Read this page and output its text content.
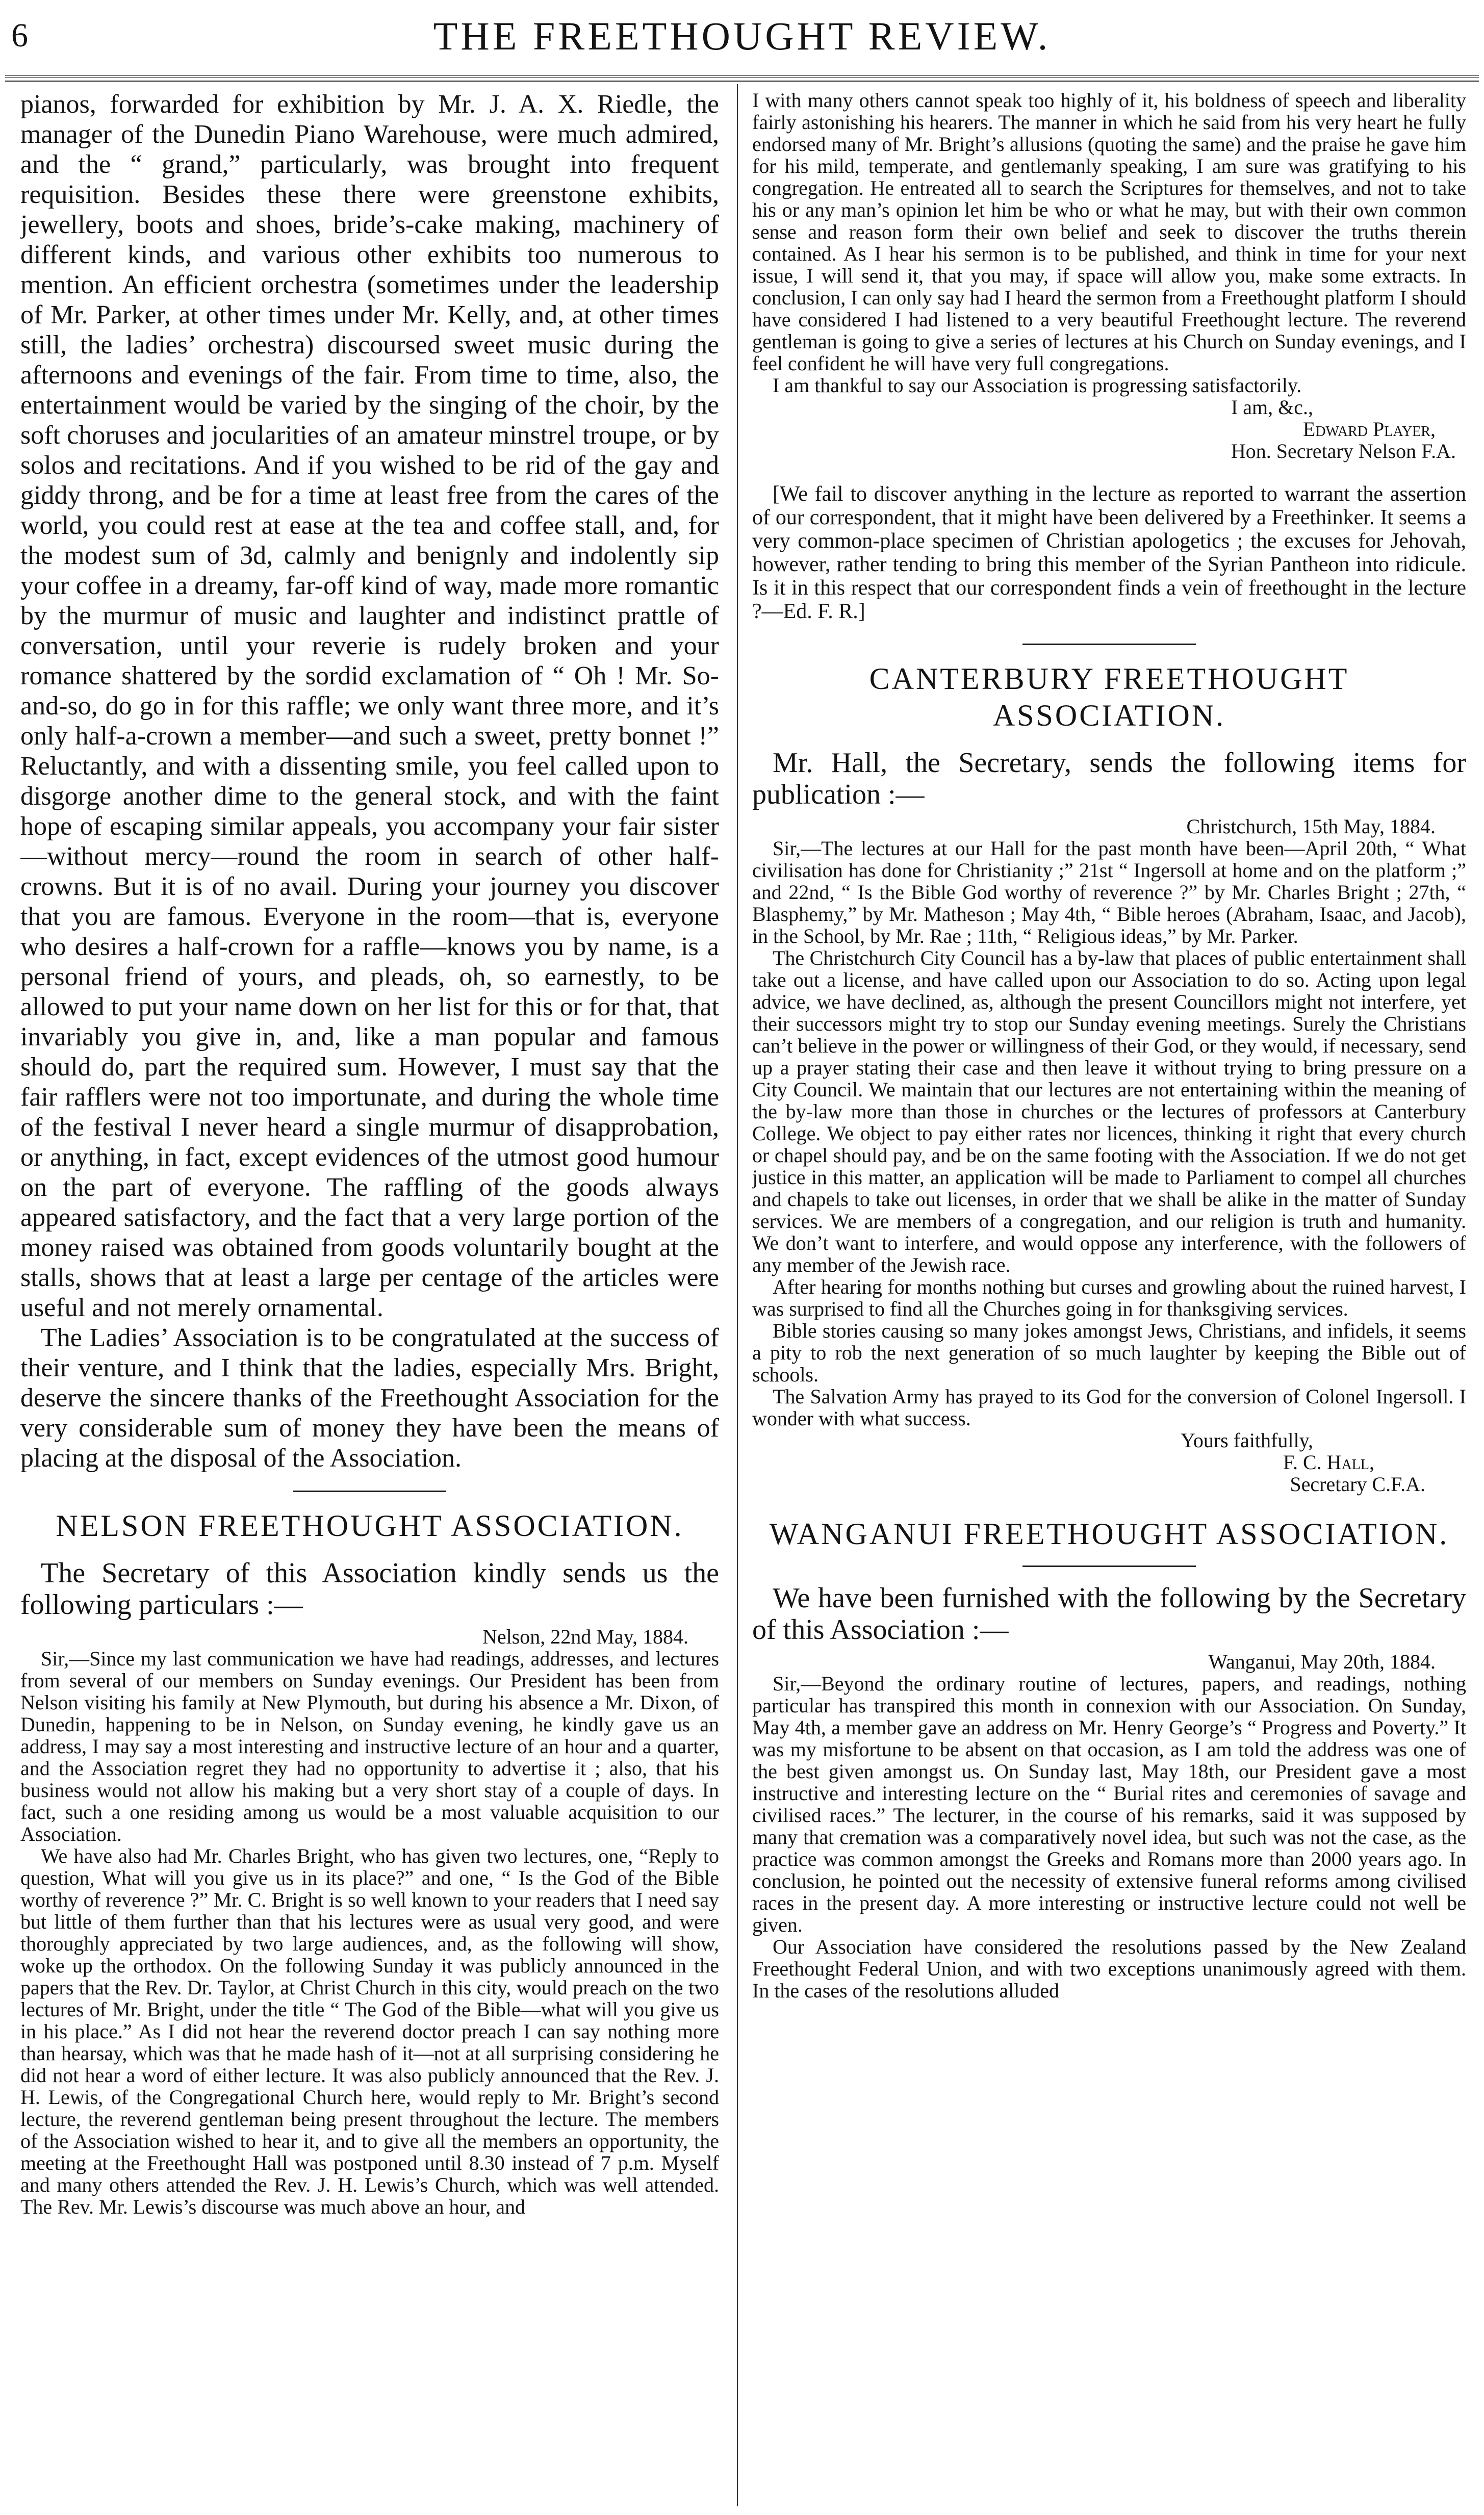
6	THE FREETHOUGHT REVIEW.

pianos, forwarded for exhibition by Mr. J. A. X. Riedle, the manager of the Dunedin Piano Warehouse, were much admired, and the “ grand,” particularly, was brought into frequent requisition. Besides these there were greenstone exhibits, jewellery, boots and shoes, bride’s-cake making, machinery of different kinds, and various other exhibits too numerous to mention. An efficient orchestra (sometimes under the leadership of Mr. Parker, at other times under Mr. Kelly, and, at other times still, the ladies’ orchestra) discoursed sweet music during the afternoons and evenings of the fair. From time to time, also, the entertainment would be varied by the singing of the choir, by the soft choruses and jocularities of an amateur minstrel troupe, or by solos and recitations. And if you wished to be rid of the gay and giddy throng, and be for a time at least free from the cares of the world, you could rest at ease at the tea and coffee stall, and, for the modest sum of 3d, calmly and benignly and indolently sip your coffee in a dreamy, far-off kind of way, made more romantic by the murmur of music and laughter and indistinct prattle of conversation, until your reverie is rudely broken and your romance shattered by the sordid exclamation of “ Oh ! Mr. So-and-so, do go in for this raffle; we only want three more, and it’s only half-a-crown a member—and such a sweet, pretty bonnet !” Reluctantly, and with a dissenting smile, you feel called upon to disgorge another dime to the general stock, and with the faint hope of escaping similar appeals, you accompany your fair sister—without mercy—round the room in search of other half-crowns. But it is of no avail. During your journey you discover that you are famous. Everyone in the room—that is, everyone who desires a half-crown for a raffle—knows you by name, is a personal friend of yours, and pleads, oh, so earnestly, to be allowed to put your name down on her list for this or for that, that invariably you give in, and, like a man popular and famous should do, part the required sum. However, I must say that the fair rafflers were not too importunate, and during the whole time of the festival I never heard a single murmur of disapprobation, or anything, in fact, except evidences of the utmost good humour on the part of everyone. The raffling of the goods always appeared satisfactory, and the fact that a very large portion of the money raised was obtained from goods voluntarily bought at the stalls, shows that at least a large per centage of the articles were useful and not merely ornamental.

The Ladies’ Association is to be congratulated at the success of their venture, and I think that the ladies, especially Mrs. Bright, deserve the sincere thanks of the Freethought Association for the very considerable sum of money they have been the means of placing at the disposal of the Association.

NELSON FREETHOUGHT ASSOCIATION.

The Secretary of this Association kindly sends us the following particulars :—

Nelson, 22nd May, 1884.

Sir,—Since my last communication we have had readings, addresses, and lectures from several of our members on Sunday evenings. Our President has been from Nelson visiting his family at New Plymouth, but during his absence a Mr. Dixon, of Dunedin, happening to be in Nelson, on Sunday evening, he kindly gave us an address, I may say a most interesting and instructive lecture of an hour and a quarter, and the Association regret they had no opportunity to advertise it ; also, that his business would not allow his making but a very short stay of a couple of days. In fact, such a one residing among us would be a most valuable acquisition to our Association.

We have also had Mr. Charles Bright, who has given two lectures, one, “Reply to question, What will you give us in its place?” and one, “ Is the God of the Bible worthy of reverence ?” Mr. C. Bright is so well known to your readers that I need say but little of them further than that his lectures were as usual very good, and were thoroughly appreciated by two large audiences, and, as the following will show, woke up the orthodox. On the following Sunday it was publicly announced in the papers that the Rev. Dr. Taylor, at Christ Church in this city, would preach on the two lectures of Mr. Bright, under the title “ The God of the Bible—what will you give us in his place.” As I did not hear the reverend doctor preach I can say nothing more than hearsay, which was that he made hash of it—not at all surprising considering he did not hear a word of either lecture. It was also publicly announced that the Rev. J. H. Lewis, of the Congregational Church here, would reply to Mr. Bright’s second lecture, the reverend gentleman being present throughout the lecture. The members of the Association wished to hear it, and to give all the members an opportunity, the meeting at the Freethought Hall was postponed until 8.30 instead of 7 p.m. Myself and many others attended the Rev. J. H. Lewis’s Church, which was well attended. The Rev. Mr. Lewis’s discourse was much above an hour, and

I with many others cannot speak too highly of it, his boldness of speech and liberality fairly astonishing his hearers. The manner in which he said from his very heart he fully endorsed many of Mr. Bright’s allusions (quoting the same) and the praise he gave him for his mild, temperate, and gentlemanly speaking, I am sure was gratifying to his congregation. He entreated all to search the Scriptures for themselves, and not to take his or any man’s opinion let him be who or what he may, but with their own common sense and reason form their own belief and seek to discover the truths therein contained. As I hear his sermon is to be published, and think in time for your next issue, I will send it, that you may, if space will allow you, make some extracts. In conclusion, I can only say had I heard the sermon from a Freethought platform I should have considered I had listened to a very beautiful Freethought lecture. The reverend gentleman is going to give a series of lectures at his Church on Sunday evenings, and I feel confident he will have very full congregations.

I am thankful to say our Association is progressing satisfactorily.

I am, &c.,

Edward Player,

Hon. Secretary Nelson F.A.

[We fail to discover anything in the lecture as reported to warrant the assertion of our correspondent, that it might have been delivered by a Freethinker. It seems a very common-place specimen of Christian apologetics ; the excuses for Jehovah, however, rather tending to bring this member of the Syrian Pantheon into ridicule. Is it in this respect that our correspondent finds a vein of freethought in the lecture ?—Ed. F. R.]

CANTERBURY FREETHOUGHT ASSOCIATION.

Mr. Hall, the Secretary, sends the following items for publication :—

Christchurch, 15th May, 1884.

Sir,—The lectures at our Hall for the past month have been—April 20th, “ What civilisation has done for Christianity ;” 21st “ Ingersoll at home and on the platform ;” and 22nd, “ Is the Bible God worthy of reverence ?” by Mr. Charles Bright ; 27th, “ Blasphemy,” by Mr. Matheson ; May 4th, “ Bible heroes (Abraham, Isaac, and Jacob), in the School, by Mr. Rae ; 11th, “ Religious ideas,” by Mr. Parker.

The Christchurch City Council has a by-law that places of public entertainment shall take out a license, and have called upon our Association to do so. Acting upon legal advice, we have declined, as, although the present Councillors might not interfere, yet their successors might try to stop our Sunday evening meetings. Surely the Christians can’t believe in the power or willingness of their God, or they would, if necessary, send up a prayer stating their case and then leave it without trying to bring pressure on a City Council. We maintain that our lectures are not entertaining within the meaning of the by-law more than those in churches or the lectures of professors at Canterbury College. We object to pay either rates nor licences, thinking it right that every church or chapel should pay, and be on the same footing with the Association. If we do not get justice in this matter, an application will be made to Parliament to compel all churches and chapels to take out licenses, in order that we shall be alike in the matter of Sunday services. We are members of a congregation, and our religion is truth and humanity. We don’t want to interfere, and would oppose any interference, with the followers of any member of the Jewish race.

After hearing for months nothing but curses and growling about the ruined harvest, I was surprised to find all the Churches going in for thanksgiving services.

Bible stories causing so many jokes amongst Jews, Christians, and infidels, it seems a pity to rob the next generation of so much laughter by keeping the Bible out of schools.

The Salvation Army has prayed to its God for the conversion of Colonel Ingersoll. I wonder with what success.

Yours faithfully,

F. C. Hall,

Secretary C.F.A.

WANGANUI FREETHOUGHT ASSOCIATION.

We have been furnished with the following by the Secretary of this Association :—

Wanganui, May 20th, 1884.

Sir,—Beyond the ordinary routine of lectures, papers, and readings, nothing particular has transpired this month in connexion with our Association. On Sunday, May 4th, a member gave an address on Mr. Henry George’s “ Progress and Poverty.” It was my misfortune to be absent on that occasion, as I am told the address was one of the best given amongst us. On Sunday last, May 18th, our President gave a most instructive and interesting lecture on the “ Burial rites and ceremonies of savage and civilised races.” The lecturer, in the course of his remarks, said it was supposed by many that cremation was a comparatively novel idea, but such was not the case, as the practice was common amongst the Greeks and Romans more than 2000 years ago. In conclusion, he pointed out the necessity of extensive funeral reforms among civilised races in the present day. A more interesting or instructive lecture could not well be given.

Our Association have considered the resolutions passed by the New Zealand Freethought Federal Union, and with two exceptions unanimously agreed with them. In the cases of the resolutions alluded
